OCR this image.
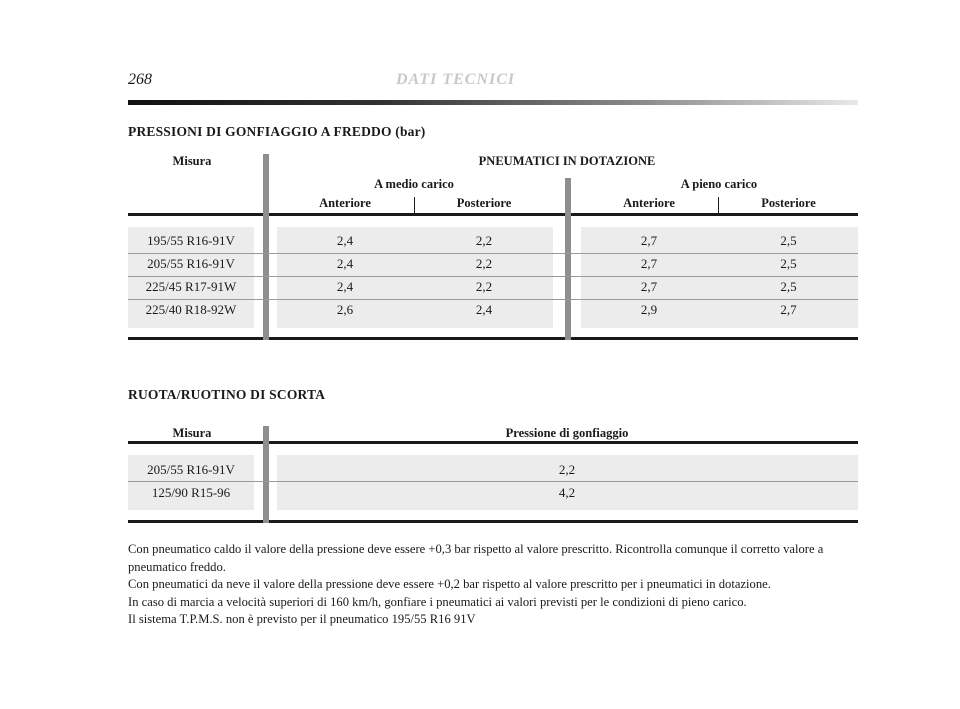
268	DATI TECNICI
PRESSIONI DI GONFIAGGIO A FREDDO (bar)
Misura	PNEUMATICI IN DOTAZIONE
A medio carico	A pieno carico
Anteriore	Posteriore	Anteriore	Posteriore
195/55 R16-91V	2,4	2,2	2,7	2,5
205/55 R16-91V	2,4	2,2	2,7	2,5
225/45 R17-91W	2,4	2,2	2,7	2,5
225/40 R18-92W	2,6	2,4	2,9	2,7
RUOTA/RUOTINO DI SCORTA
Misura	Pressione di gonfiaggio
205/55 R16-91V	2,2
125/90 R15-96	4,2

Con pneumatico caldo il valore della pressione deve essere +0,3 bar rispetto al valore prescritto. Ricontrolla comunque il corretto valore a pneumatico freddo.

Con pneumatici da neve il valore della pressione deve essere +0,2 bar rispetto al valore prescritto per i pneumatici in dotazione.

In caso di marcia a velocità superiori di 160 km/h, gonfiare i pneumatici ai valori previsti per le condizioni di pieno carico.

Il sistema T.P.M.S. non è previsto per il pneumatico 195/55 R16 91V
